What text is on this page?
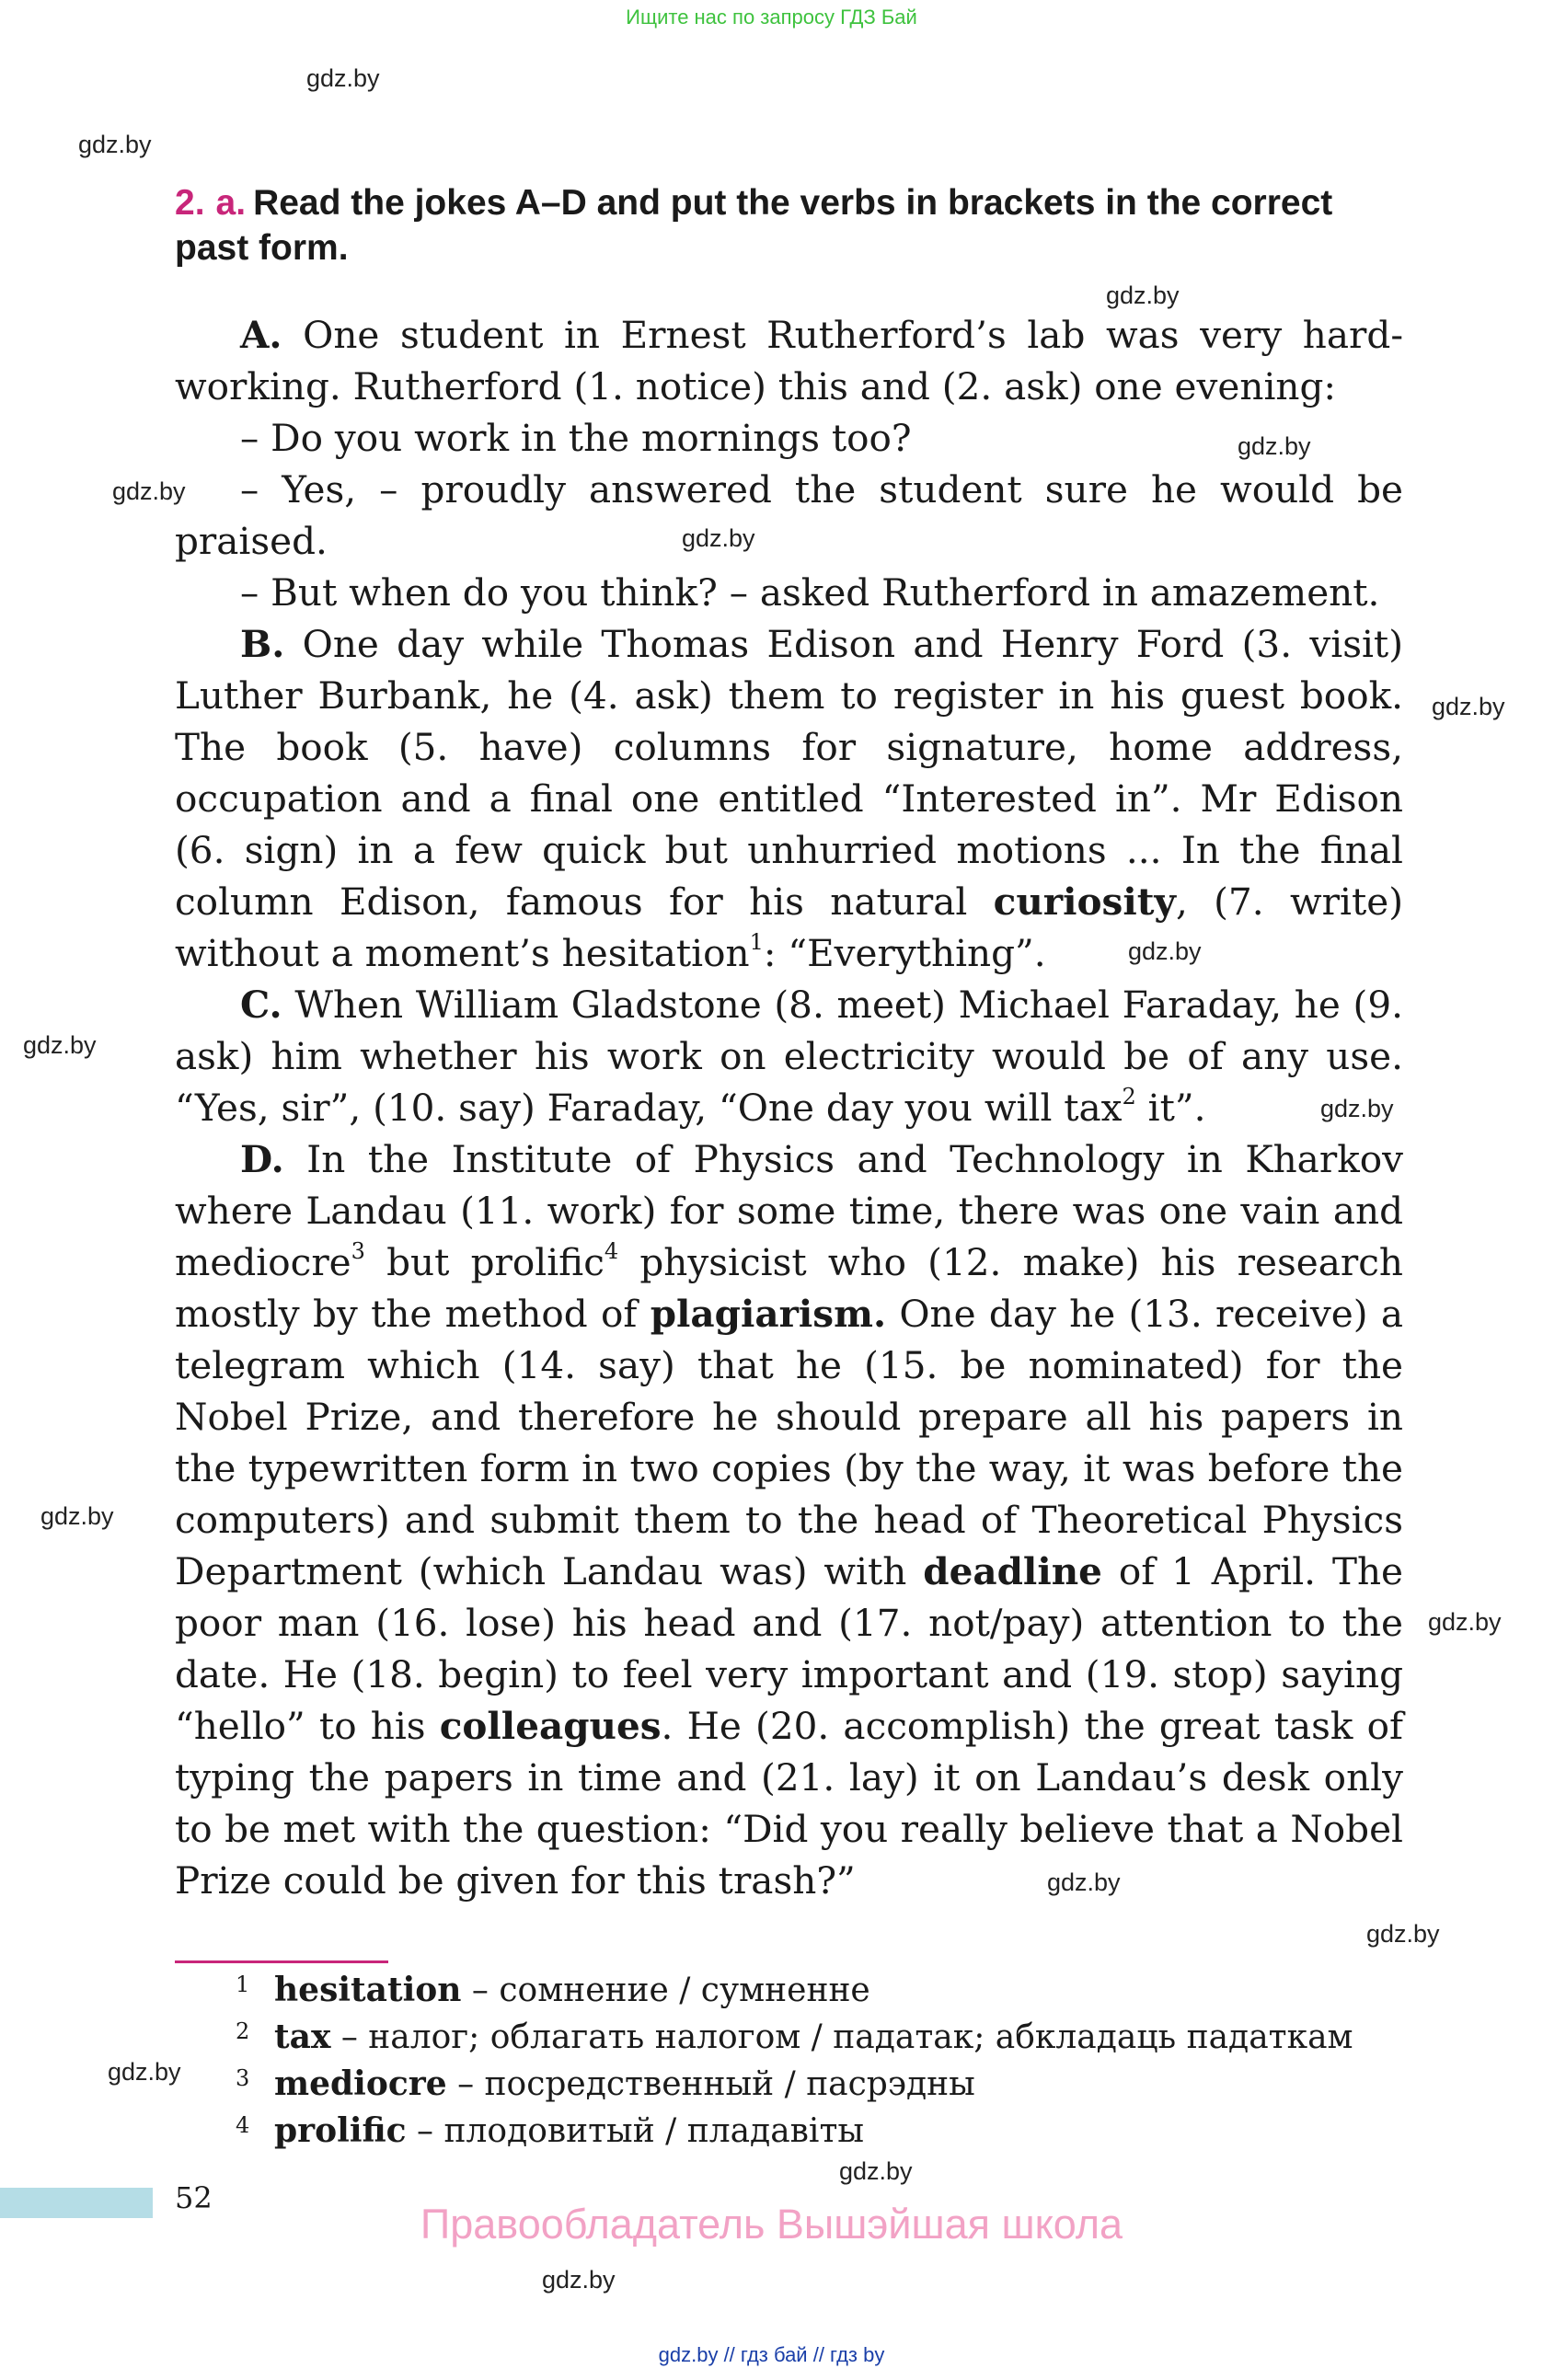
Ищите нас по запросу ГДЗ Бай
gdz.by
gdz.by
gdz.by
gdz.by
gdz.by
gdz.by
gdz.by
gdz.by
gdz.by
gdz.by
gdz.by
gdz.by
gdz.by
gdz.by
gdz.by
gdz.by
gdz.by
2. a. Read the jokes A–D and put the verbs in brackets in the correct past form.

A. One student in Ernest Rutherford’s lab was very hard-working. Rutherford (1. notice) this and (2. ask) one evening:

– Do you work in the mornings too?

– Yes, – proudly answered the student sure he would be praised.

– But when do you think? – asked Rutherford in amazement.

B. One day while Thomas Edison and Henry Ford (3. visit) Luther Burbank, he (4. ask) them to register in his guest book. The book (5. have) columns for signature, home address, occupation and a final one entitled “Interested in”. Mr Edison (6. sign) in a few quick but unhurried motions ... In the final column Edison, famous for his natural curiosity, (7. write) without a moment’s hesitation$^1$: “Everything”.

C. When William Gladstone (8. meet) Michael Faraday, he (9. ask) him whether his work on electricity would be of any use. “Yes, sir”, (10. say) Faraday, “One day you will tax$^2$ it”.

D. In the Institute of Physics and Technology in Kharkov where Landau (11. work) for some time, there was one vain and mediocre$^3$ but prolific$^4$ physicist who (12. make) his research mostly by the method of plagiarism. One day he (13. receive) a telegram which (14. say) that he (15. be nominated) for the Nobel Prize, and therefore he should prepare all his papers in the typewritten form in two copies (by the way, it was before the computers) and submit them to the head of Theoretical Physics Department (which Landau was) with deadline of 1 April. The poor man (16. lose) his head and (17. not/pay) attention to the date. He (18. begin) to feel very important and (19. stop) saying “hello” to his colleagues. He (20. accomplish) the great task of typing the papers in time and (21. lay) it on Landau’s desk only to be met with the question: “Did you really believe that a Nobel Prize could be given for this trash?”

1 hesitation – сомнение / сумненне
2 tax – налог; облагать налогом / падатак; абкладаць падаткам
3 mediocre – посредственный / пасрэдны
4 prolific – плодовитый / пладавіты
52
Правообладатель Вышэйшая школа
gdz.by // гдз бай // гдз by
